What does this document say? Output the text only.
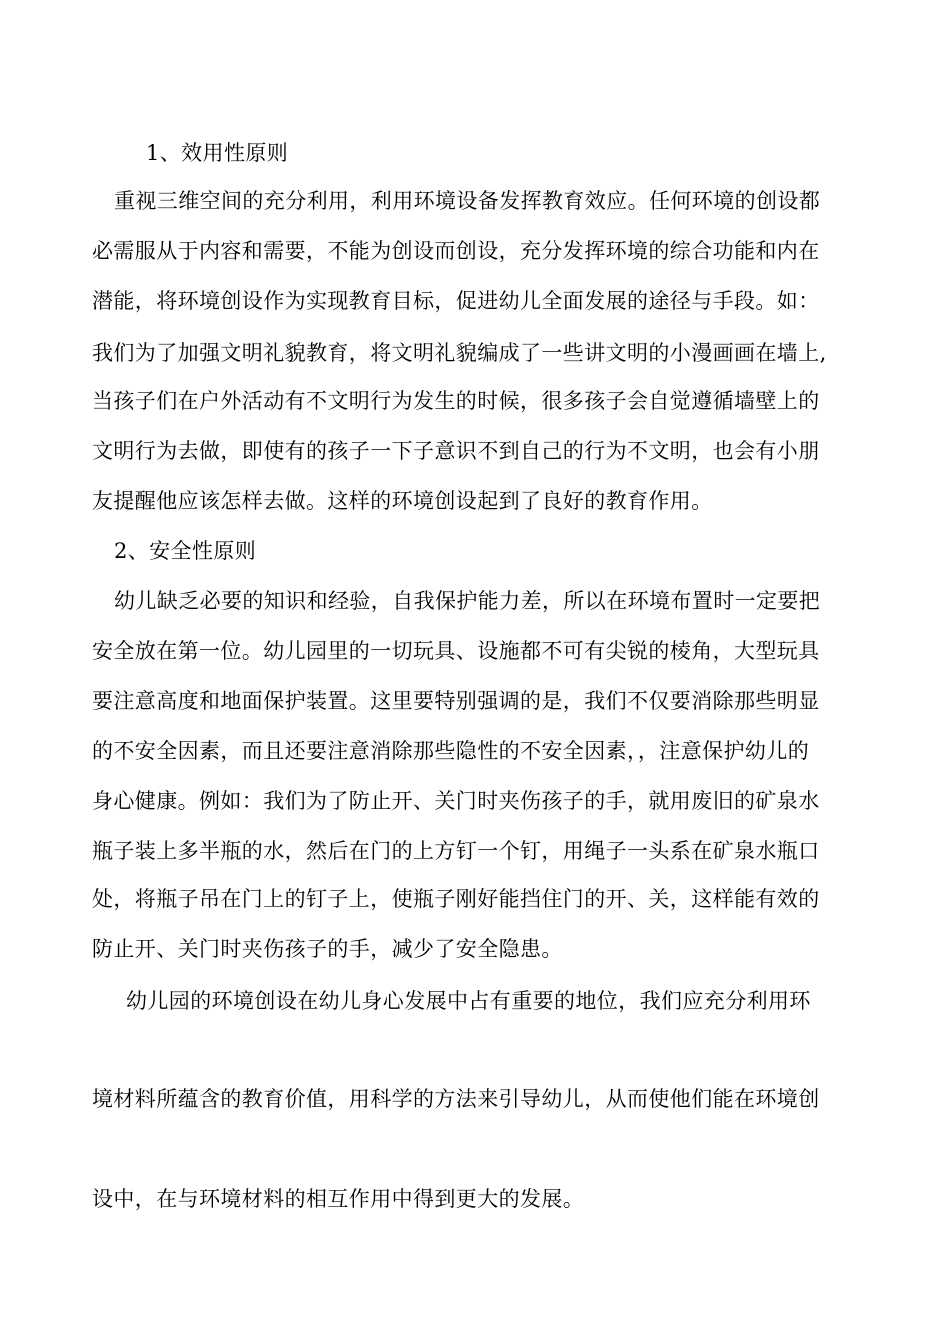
1、效用性原则
重视三维空间的充分利用，利用环境设备发挥教育效应。任何环境的创设都
必需服从于内容和需要，不能为创设而创设，充分发挥环境的综合功能和内在
潜能，将环境创设作为实现教育目标，促进幼儿全面发展的途径与手段。如：
我们为了加强文明礼貌教育，将文明礼貌编成了一些讲文明的小漫画画在墙上,
当孩子们在户外活动有不文明行为发生的时候，很多孩子会自觉遵循墙壁上的
文明行为去做，即使有的孩子一下子意识不到自己的行为不文明，也会有小朋
友提醒他应该怎样去做。这样的环境创设起到了良好的教育作用。
2、安全性原则
幼儿缺乏必要的知识和经验，自我保护能力差，所以在环境布置时一定要把
安全放在第一位。幼儿园里的一切玩具、设施都不可有尖锐的棱角，大型玩具
要注意高度和地面保护装置。这里要特别强调的是，我们不仅要消除那些明显
的不安全因素，而且还要注意消除那些隐性的不安全因素，，注意保护幼儿的
身心健康。例如：我们为了防止开、关门时夹伤孩子的手，就用废旧的矿泉水
瓶子装上多半瓶的水，然后在门的上方钉一个钉，用绳子一头系在矿泉水瓶口
处，将瓶子吊在门上的钉子上，使瓶子刚好能挡住门的开、关，这样能有效的
防止开、关门时夹伤孩子的手，减少了安全隐患。
幼儿园的环境创设在幼儿身心发展中占有重要的地位，我们应充分利用环
境材料所蕴含的教育价值，用科学的方法来引导幼儿，从而使他们能在环境创
设中，在与环境材料的相互作用中得到更大的发展。
